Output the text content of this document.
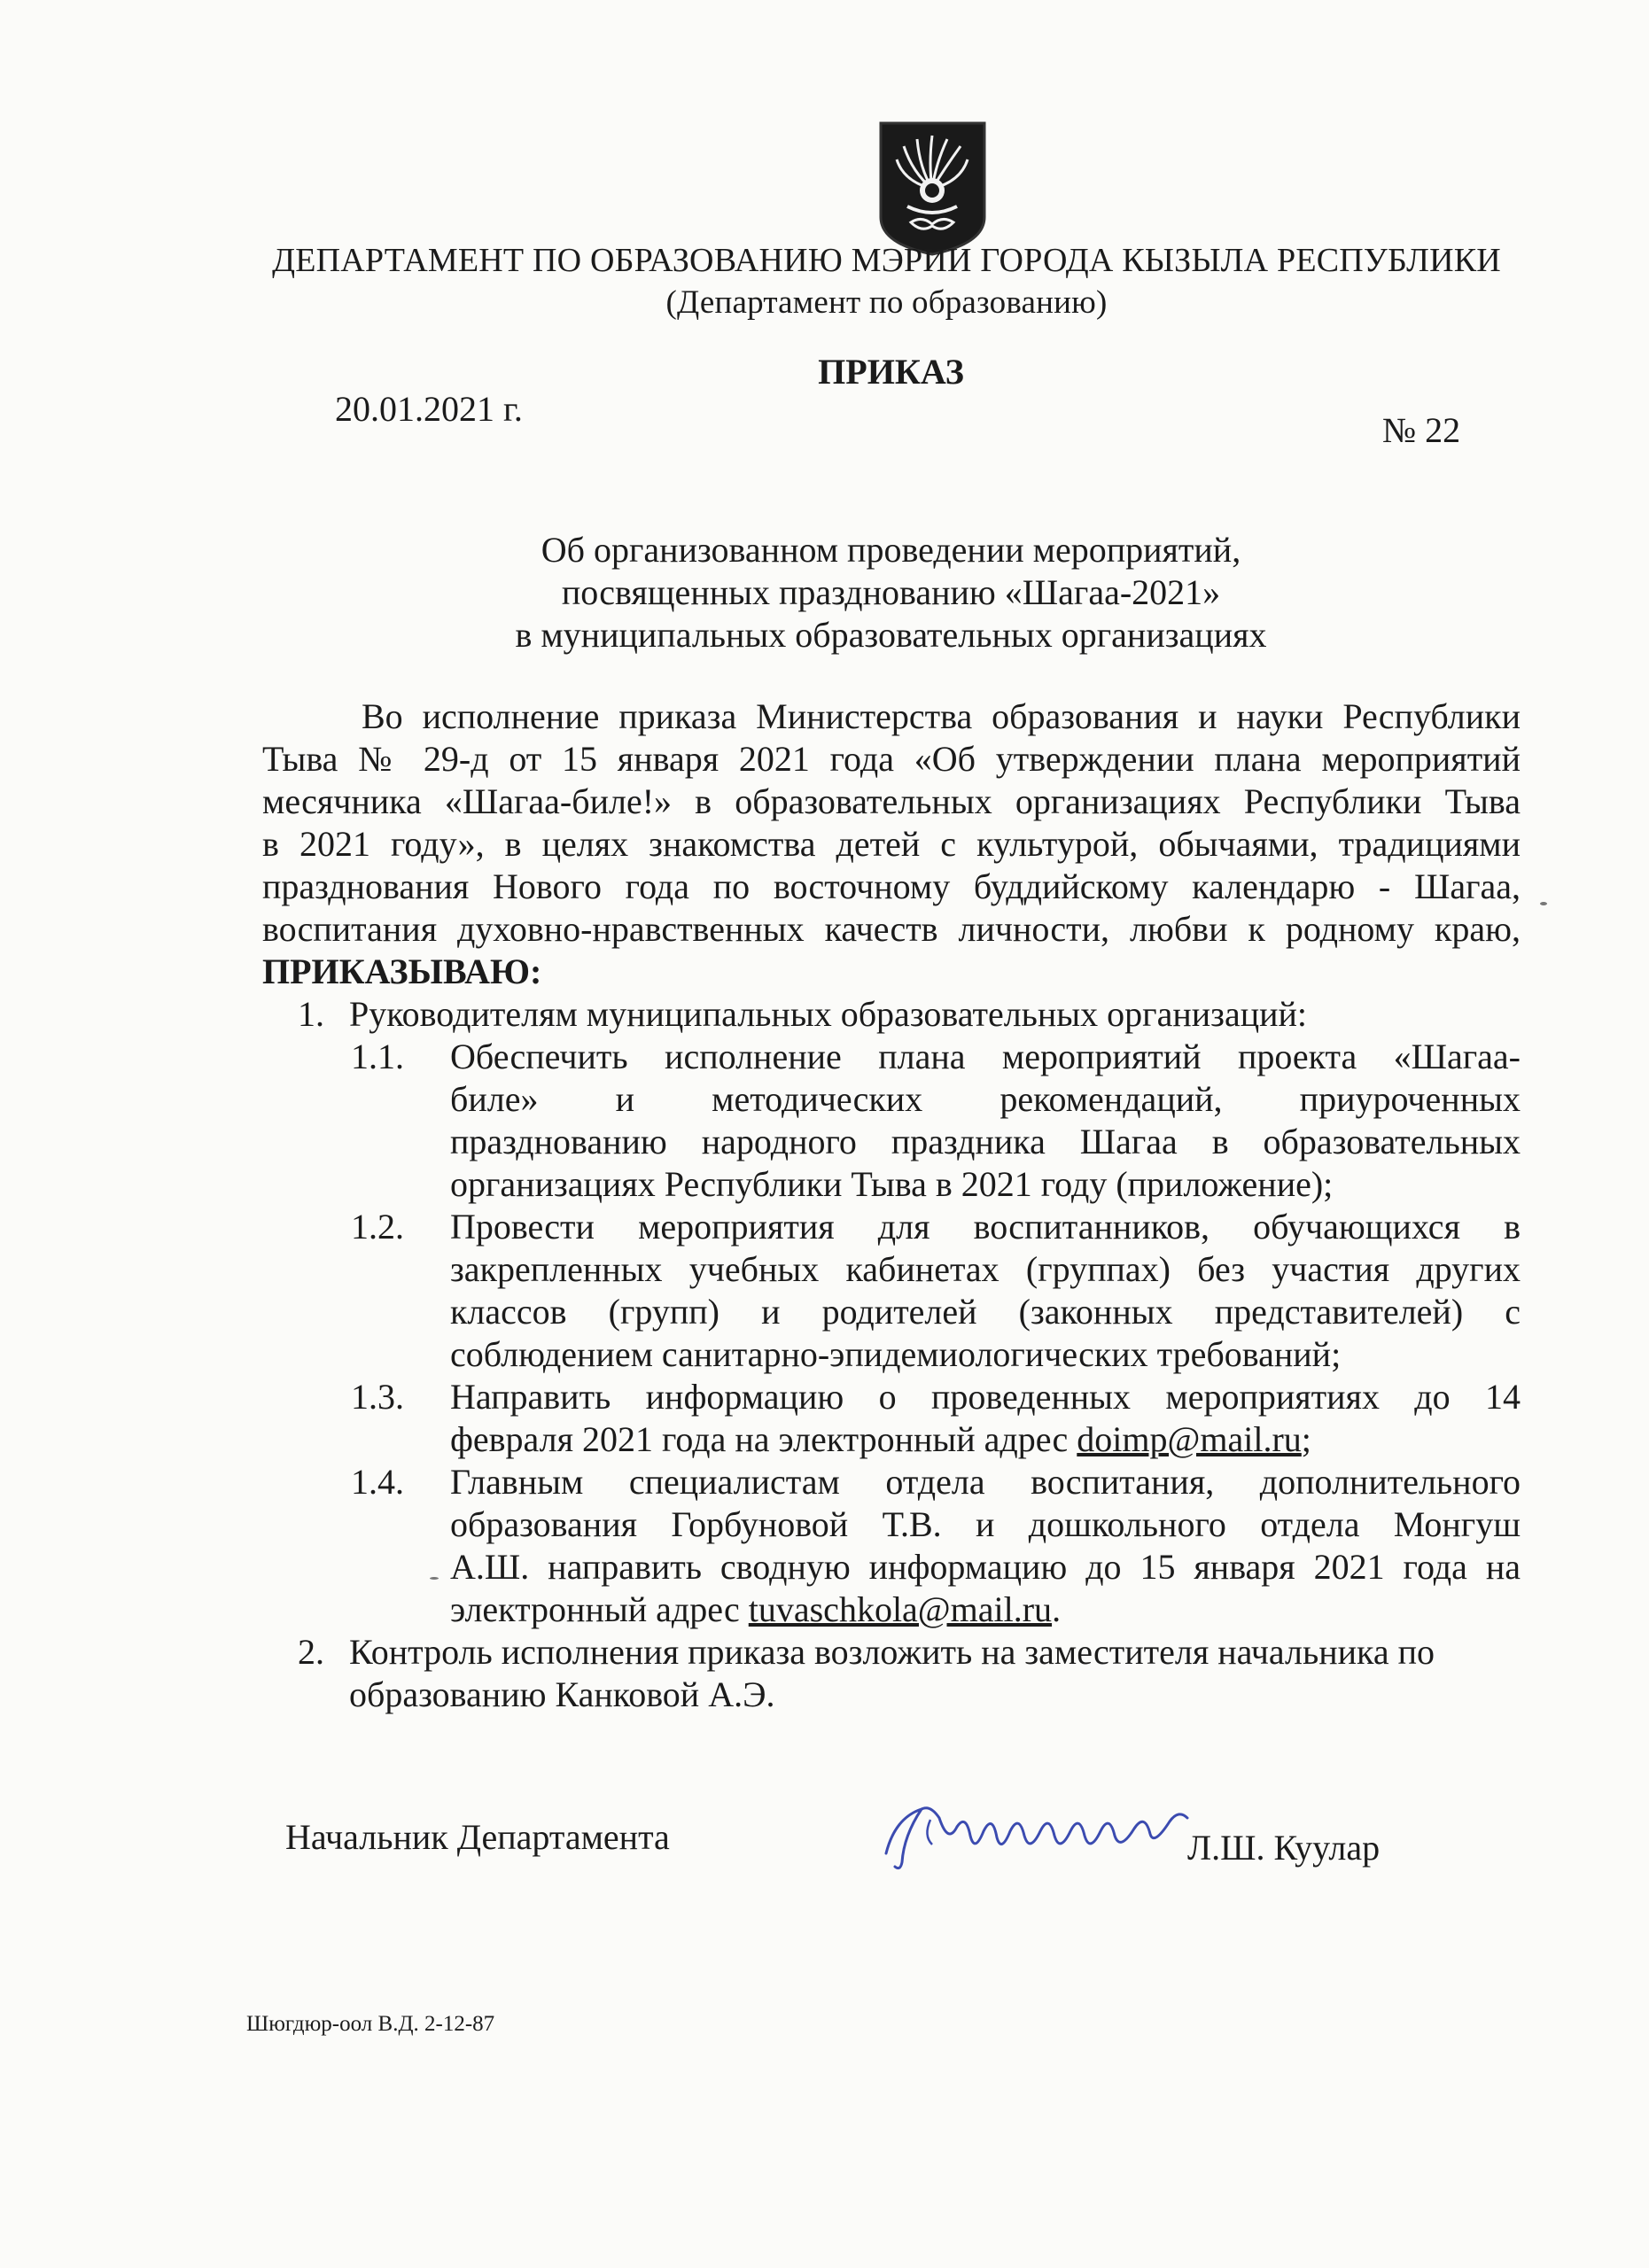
ДЕПАРТАМЕНТ ПО ОБРАЗОВАНИЮ МЭРИИ ГОРОДА КЫЗЫЛА РЕСПУБЛИКИ
(Департамент по образованию)
ПРИКАЗ
20.01.2021 г.
№ 22
Об организованном проведении мероприятий,
посвященных празднованию «Шагаа-2021»
в муниципальных образовательных организациях
Во исполнение приказа Министерства образования и науки Республики
Тыва № 29-д от 15 января 2021 года «Об утверждении плана мероприятий
месячника «Шагаа-биле!» в образовательных организациях Республики Тыва
в 2021 году», в целях знакомства детей с культурой, обычаями, традициями
празднования Нового года по восточному буддийскому календарю - Шагаа,
воспитания духовно-нравственных качеств личности, любви к родному краю,
ПРИКАЗЫВАЮ:
1. Руководителям муниципальных образовательных организаций:
1.1. Обеспечить исполнение плана мероприятий проекта «Шагаа-
биле» и методических рекомендаций, приуроченных
празднованию народного праздника Шагаа в образовательных
организациях Республики Тыва в 2021 году (приложение);
1.2. Провести мероприятия для воспитанников, обучающихся в
закрепленных учебных кабинетах (группах) без участия других
классов (групп) и родителей (законных представителей) с
соблюдением санитарно-эпидемиологических требований;
1.3. Направить информацию о проведенных мероприятиях до 14
февраля 2021 года на электронный адрес doimp@mail.ru;
1.4. Главным специалистам отдела воспитания, дополнительного
образования Горбуновой Т.В. и дошкольного отдела Монгуш
А.Ш. направить сводную информацию до 15 января 2021 года на
электронный адрес tuvaschkola@mail.ru.
2. Контроль исполнения приказа возложить на заместителя начальника по
образованию Канковой А.Э.
Начальник Департамента	Л.Ш. Куулар
Шюгдюр-оол В.Д. 2-12-87
